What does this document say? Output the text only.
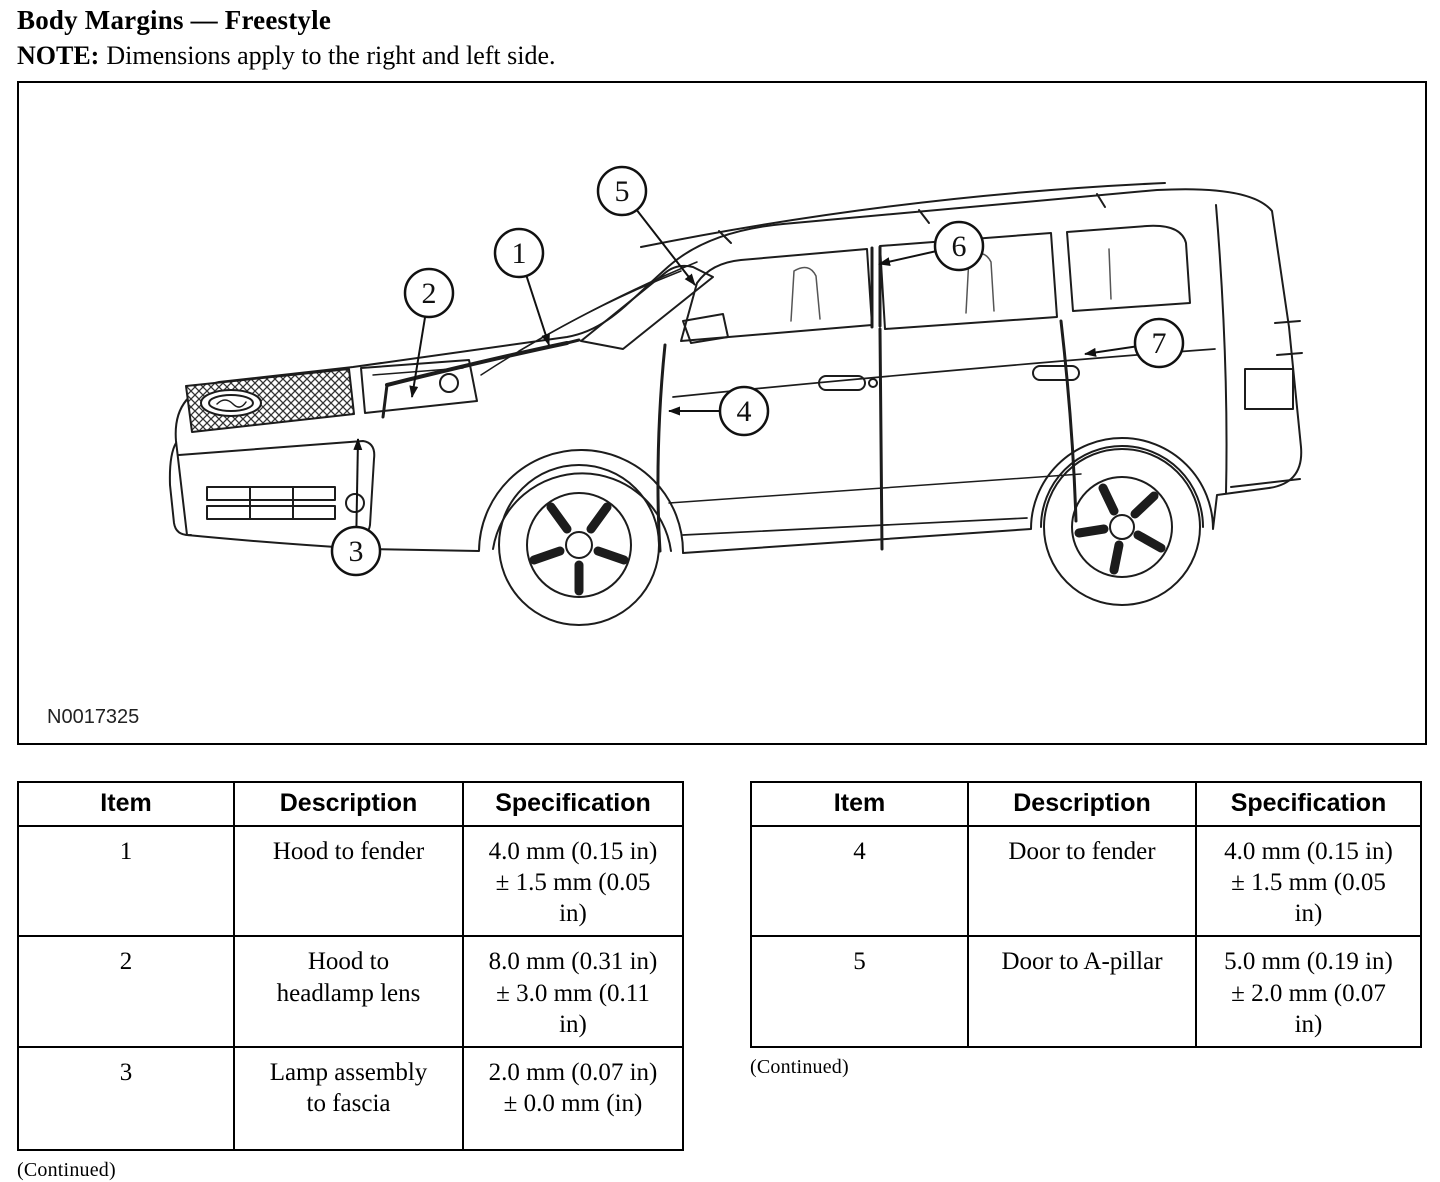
Body Margins — Freestyle
NOTE: Dimensions apply to the right and left side.
1
2
3
4
5
6
7
N0017325
Item	Description	Specification
1	Hood to fender	4.0 mm (0.15 in) ± 1.5 mm (0.05 in)

2	Hood to headlamp lens	8.0 mm (0.31 in) ± 3.0 mm (0.11 in)

3	Lamp assembly to fascia	2.0 mm (0.07 in) ± 0.0 mm (in)
(Continued)
Item	Description	Specification
4	Door to fender	4.0 mm (0.15 in) ± 1.5 mm (0.05 in)

5	Door to A-pillar	5.0 mm (0.19 in) ± 2.0 mm (0.07 in)
(Continued)
